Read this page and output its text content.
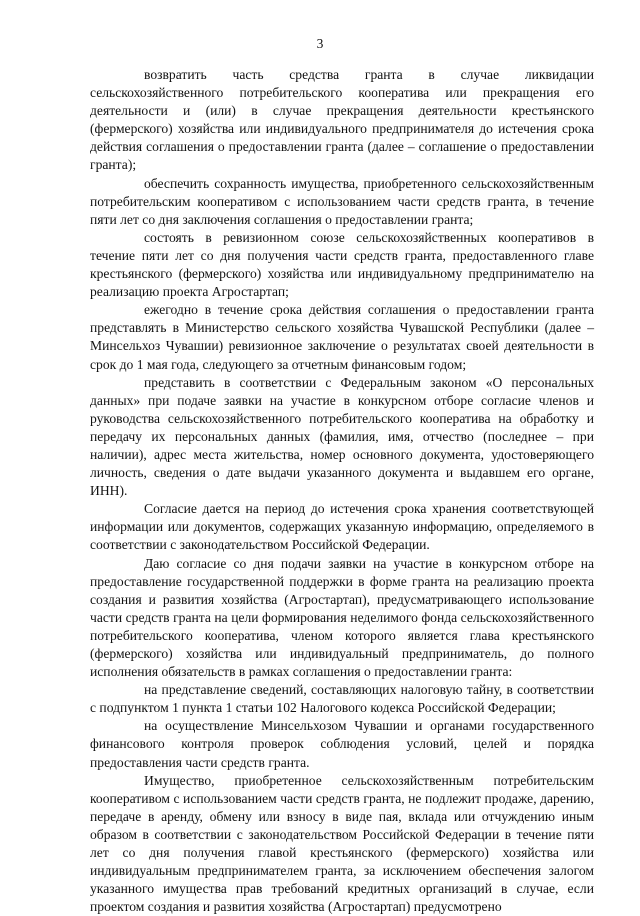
3

возвратить часть средства гранта в случае ликвидации сельскохозяйственного потребительского кооператива или прекращения его деятельности и (или) в случае прекращения деятельности крестьянского (фермерского) хозяйства или индивидуального предпринимателя до истечения срока действия соглашения о предоставлении гранта (далее – соглашение о предоставлении гранта);

обеспечить сохранность имущества, приобретенного сельскохозяйственным потребительским кооперативом с использованием части средств гранта, в течение пяти лет со дня заключения соглашения о предоставлении гранта;

состоять в ревизионном союзе сельскохозяйственных кооперативов в течение пяти лет со дня получения части средств гранта, предоставленного главе крестьянского (фермерского) хозяйства или индивидуальному предпринимателю на реализацию проекта Агростартап;

ежегодно в течение срока действия соглашения о предоставлении гранта представлять в Министерство сельского хозяйства Чувашской Республики (далее – Минсельхоз Чувашии) ревизионное заключение о результатах своей деятельности в срок до 1 мая года, следующего за отчетным финансовым годом;

представить в соответствии с Федеральным законом «О персональных данных» при подаче заявки на участие в конкурсном отборе согласие членов и руководства сельскохозяйственного потребительского кооператива на обработку и передачу их персональных данных (фамилия, имя, отчество (последнее – при наличии), адрес места жительства, номер основного документа, удостоверяющего личность, сведения о дате выдачи указанного документа и выдавшем его органе, ИНН).

Согласие дается на период до истечения срока хранения соответствующей информации или документов, содержащих указанную информацию, определяемого в соответствии с законодательством Российской Федерации.

Даю согласие со дня подачи заявки на участие в конкурсном отборе на предоставление государственной поддержки в форме гранта на реализацию проекта создания и развития хозяйства (Агростартап), предусматривающего использование части средств гранта на цели формирования неделимого фонда сельскохозяйственного потребительского кооператива, членом которого является глава крестьянского (фермерского) хозяйства или индивидуальный предприниматель, до полного исполнения обязательств в рамках соглашения о предоставлении гранта:

на представление сведений, составляющих налоговую тайну, в соответствии с подпунктом 1 пункта 1 статьи 102 Налогового кодекса Российской Федерации;

на осуществление Минсельхозом Чувашии и органами государственного финансового контроля проверок соблюдения условий, целей и порядка предоставления части средств гранта.

Имущество, приобретенное сельскохозяйственным потребительским кооперативом с использованием части средств гранта, не подлежит продаже, дарению, передаче в аренду, обмену или взносу в виде пая, вклада или отчуждению иным образом в соответствии с законодательством Российской Федерации в течение пяти лет со дня получения главой крестьянского (фермерского) хозяйства или индивидуальным предпринимателем гранта, за исключением обеспечения залогом указанного имущества прав требований кредитных организаций в случае, если проектом создания и развития хозяйства (Агростартап) предусмотрено
